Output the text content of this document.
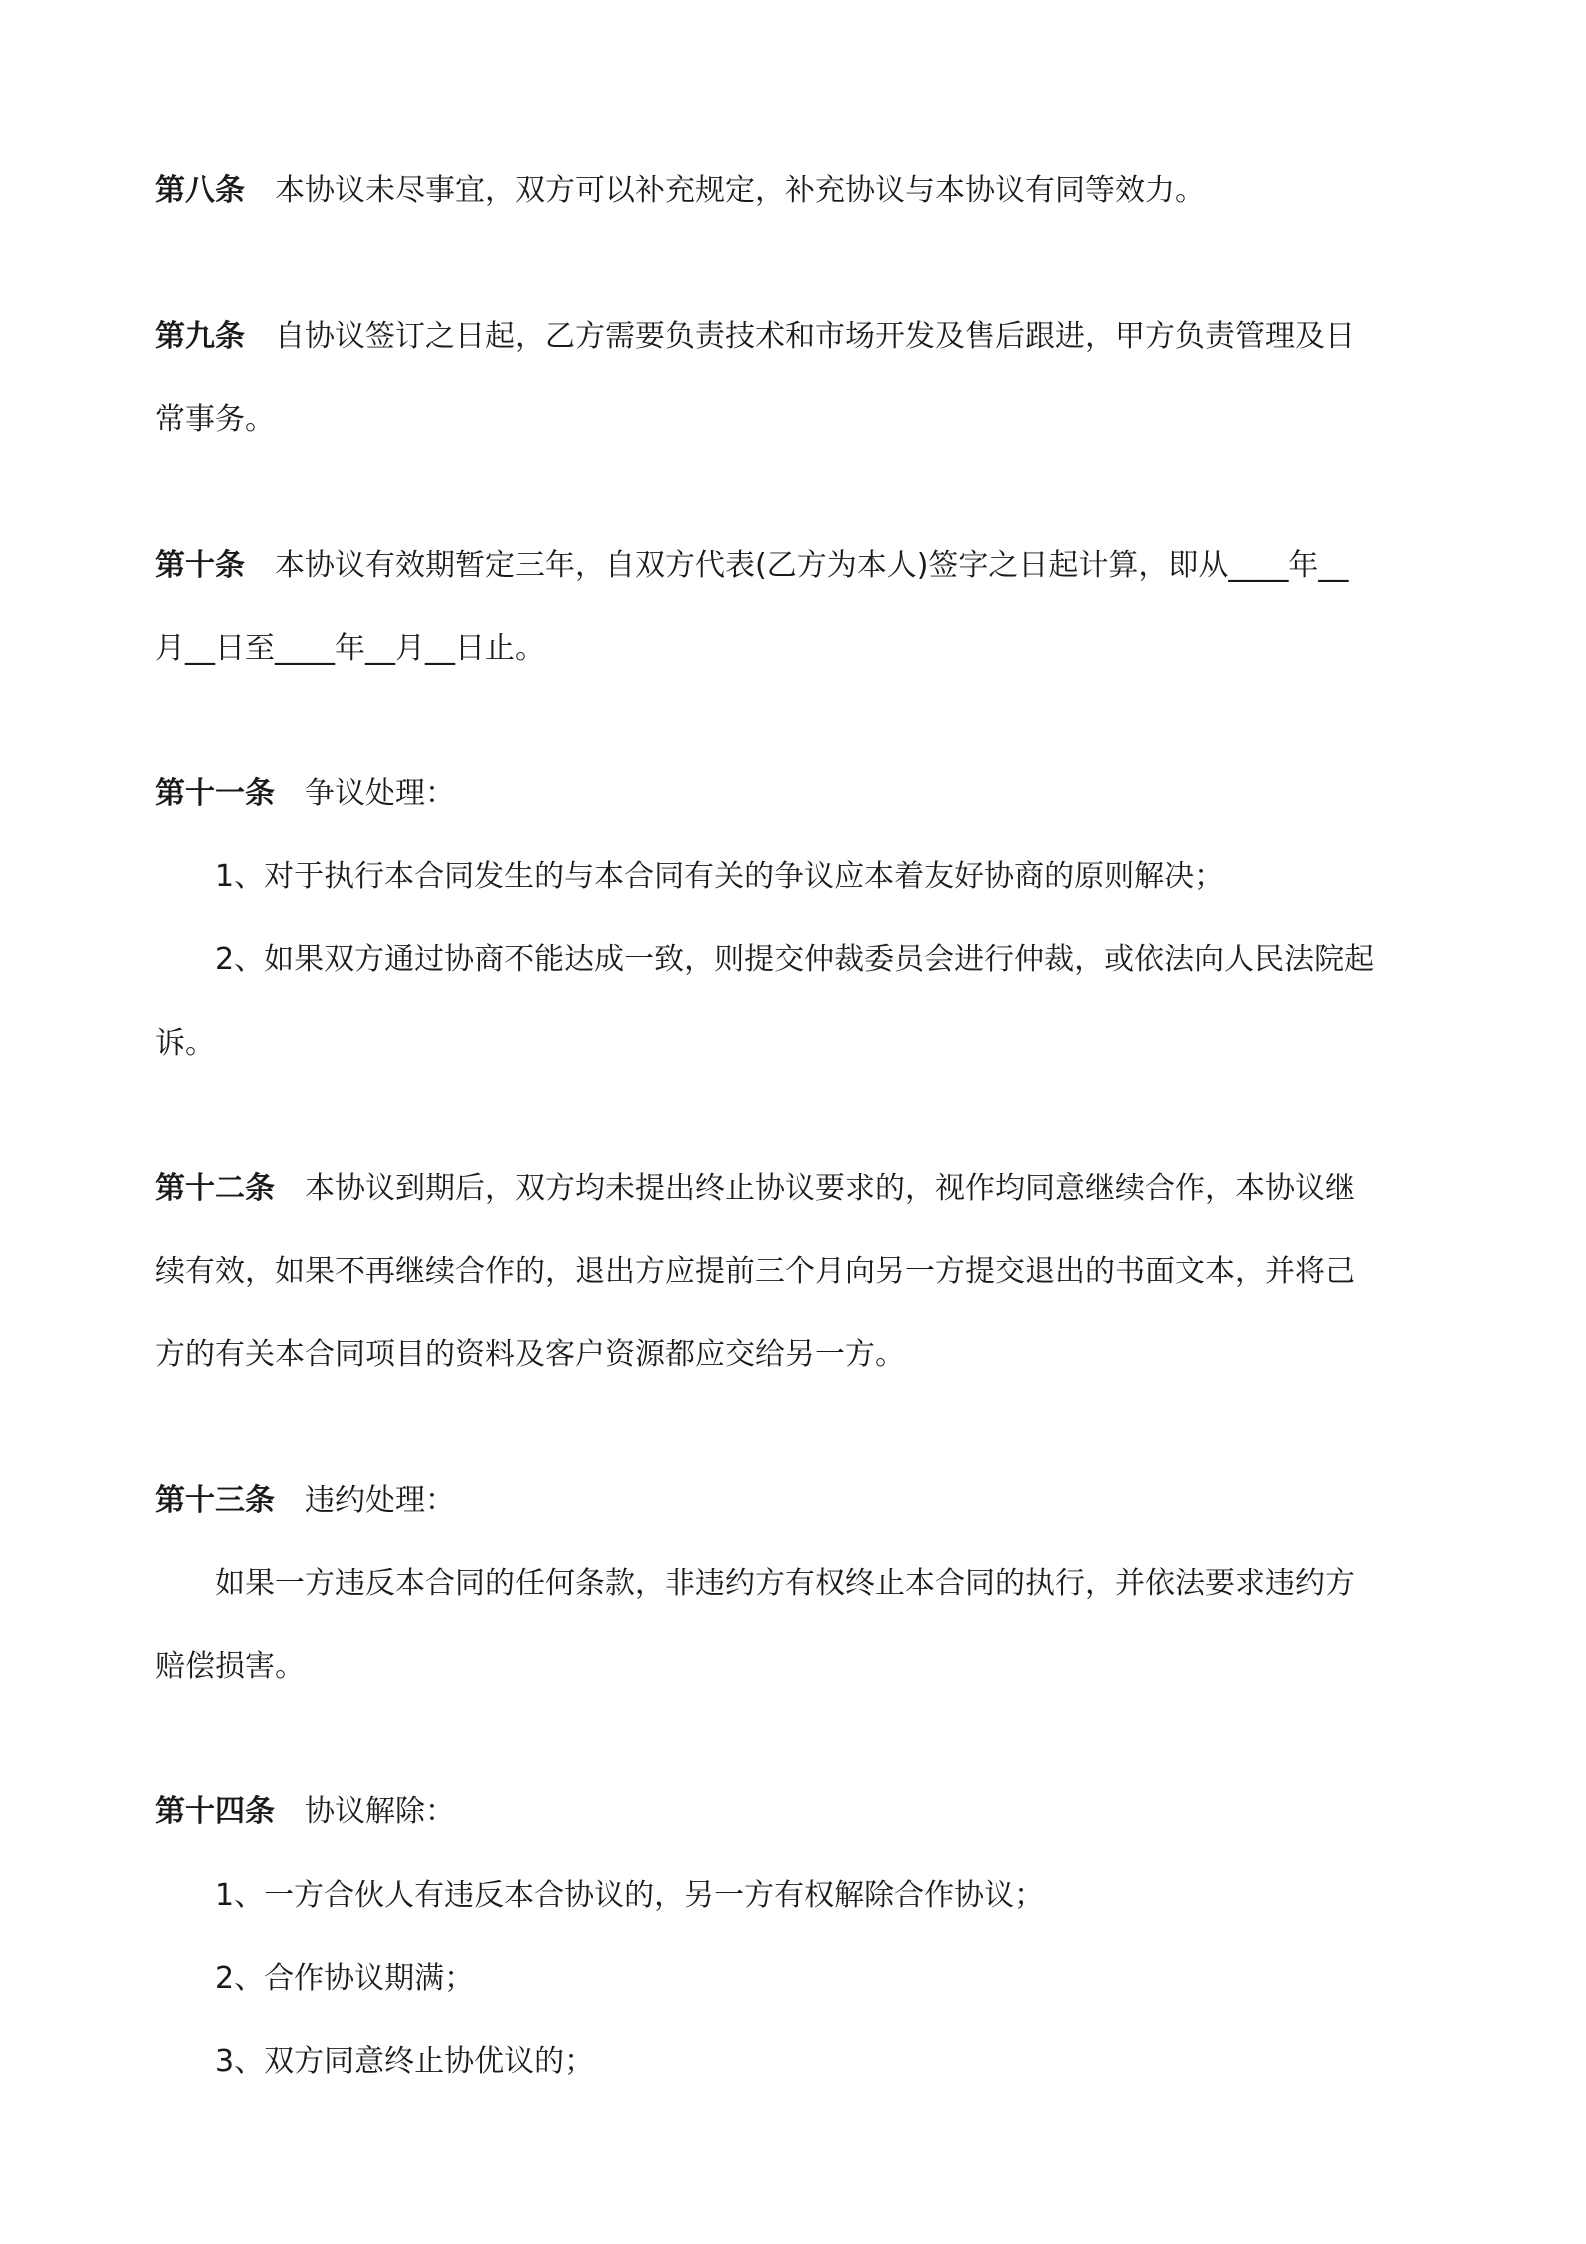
第八条 本协议未尽事宜，双方可以补充规定，补充协议与本协议有同等效力。
第九条 自协议签订之日起，乙方需要负责技术和市场开发及售后跟进，甲方负责管理及日
常事务。
第十条 本协议有效期暂定三年，自双方代表(乙方为本人)签字之日起计算，即从____年__
月__日至____年__月__日止。
第十一条 争议处理：
1、对于执行本合同发生的与本合同有关的争议应本着友好协商的原则解决；
2、如果双方通过协商不能达成一致，则提交仲裁委员会进行仲裁，或依法向人民法院起
诉。
第十二条 本协议到期后，双方均未提出终止协议要求的，视作均同意继续合作，本协议继
续有效，如果不再继续合作的，退出方应提前三个月向另一方提交退出的书面文本，并将己
方的有关本合同项目的资料及客户资源都应交给另一方。
第十三条 违约处理：
如果一方违反本合同的任何条款，非违约方有权终止本合同的执行，并依法要求违约方
赔偿损害。
第十四条 协议解除：
1、一方合伙人有违反本合协议的，另一方有权解除合作协议；
2、合作协议期满；
3、双方同意终止协优议的；
